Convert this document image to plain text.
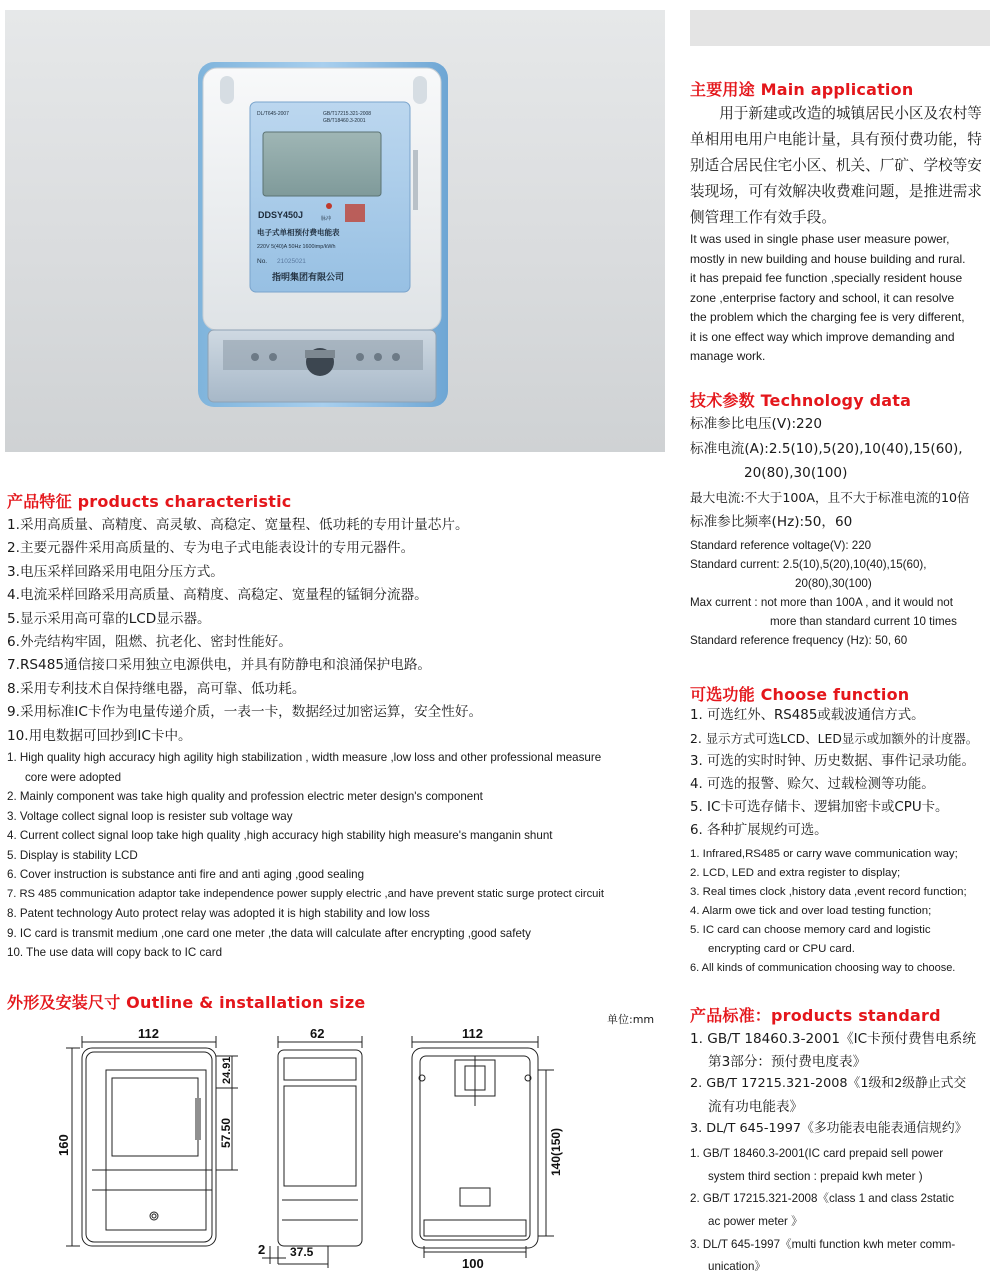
DL/T645-2007	GB/T17215.321-2008
GB/T18460.3-2001
DDSY450J	脉冲
电子式单相预付费电能表
220V 5(40)A 50Hz 1600imp/kWh
No. 21025021
指明集团有限公司
主要用途 Main application
　　用于新建或改造的城镇居民小区及农村等
单相用电用户电能计量，具有预付费功能，特
别适合居民住宅小区、机关、厂矿、学校等安
装现场，可有效解决收费难问题，是推进需求
侧管理工作有效手段。
It was used in single phase user measure power,
mostly in new building and house building and rural.
it has prepaid fee function ,specially resident house
zone ,enterprise factory and school, it can resolve
the problem which the charging fee is very different,
it is one effect way which improve demanding and
manage work.
技术参数 Technology data
标准参比电压(V):220
标准电流(A):2.5(10),5(20),10(40),15(60),
20(80),30(100)
最大电流:不大于100A，且不大于标准电流的10倍
标准参比频率(Hz):50，60
Standard reference voltage(V): 220
Standard current: 2.5(10),5(20),10(40),15(60),
20(80),30(100)
Max current : not more than 100A , and it would not
more than standard current 10 times
Standard reference frequency (Hz): 50, 60
可选功能 Choose function
1. 可选红外、RS485或载波通信方式。
2. 显示方式可选LCD、LED显示或加额外的计度器。
3. 可选的实时时钟、历史数据、事件记录功能。
4. 可选的报警、赊欠、过载检测等功能。
5. IC卡可选存储卡、逻辑加密卡或CPU卡。
6. 各种扩展规约可选。
1. Infrared,RS485 or carry wave communication way;
2. LCD, LED and extra register to display;
3. Real times clock ,history data ,event record function;
4. Alarm owe tick and over load testing function;
5. IC card can choose memory card and logistic
encrypting card or CPU card.
6. All kinds of communication choosing way to choose.
产品标准：products standard
1. GB/T 18460.3-2001《IC卡预付费售电系统
第3部分：预付费电度表》
2. GB/T 17215.321-2008《1级和2级静止式交
流有功电能表》
3. DL/T 645-1997《多功能表电能表通信规约》
1. GB/T 18460.3-2001(IC card prepaid sell power
system third section : prepaid kwh meter )
2. GB/T 17215.321-2008《class 1 and class 2static
ac power meter 》
3. DL/T 645-1997《multi function kwh meter comm-
unication》
产品特征 products characteristic
1.采用高质量、高精度、高灵敏、高稳定、宽量程、低功耗的专用计量芯片。
2.主要元器件采用高质量的、专为电子式电能表设计的专用元器件。
3.电压采样回路采用电阻分压方式。
4.电流采样回路采用高质量、高精度、高稳定、宽量程的锰铜分流器。
5.显示采用高可靠的LCD显示器。
6.外壳结构牢固，阻燃、抗老化、密封性能好。
7.RS485通信接口采用独立电源供电，并具有防静电和浪涌保护电路。
8.采用专利技术自保持继电器，高可靠、低功耗。
9.采用标准IC卡作为电量传递介质，一表一卡，数据经过加密运算，安全性好。
10.用电数据可回抄到IC卡中。
1. High quality high accuracy high agility high stabilization , width measure ,low loss and other professional measure
core were adopted
2. Mainly component was take high quality and profession electric meter design's component
3. Voltage collect signal loop is resister sub voltage way
4. Current collect signal loop take high quality ,high accuracy high stability high measure's manganin shunt
5. Display is stability LCD
6. Cover instruction is substance anti fire and anti aging ,good sealing
7. RS 485 communication adaptor take independence power supply electric ,and have prevent static surge protect circuit
8. Patent technology Auto protect relay was adopted it is high stability and low loss
9. IC card is transmit medium ,one card one meter ,the data will calculate after encrypting ,good safety
10. The use data will copy back to IC card
外形及安装尺寸 Outline & installation size
单位:mm
112
160
24.91
57.50
62
2 37.5
112
140(150)
100
